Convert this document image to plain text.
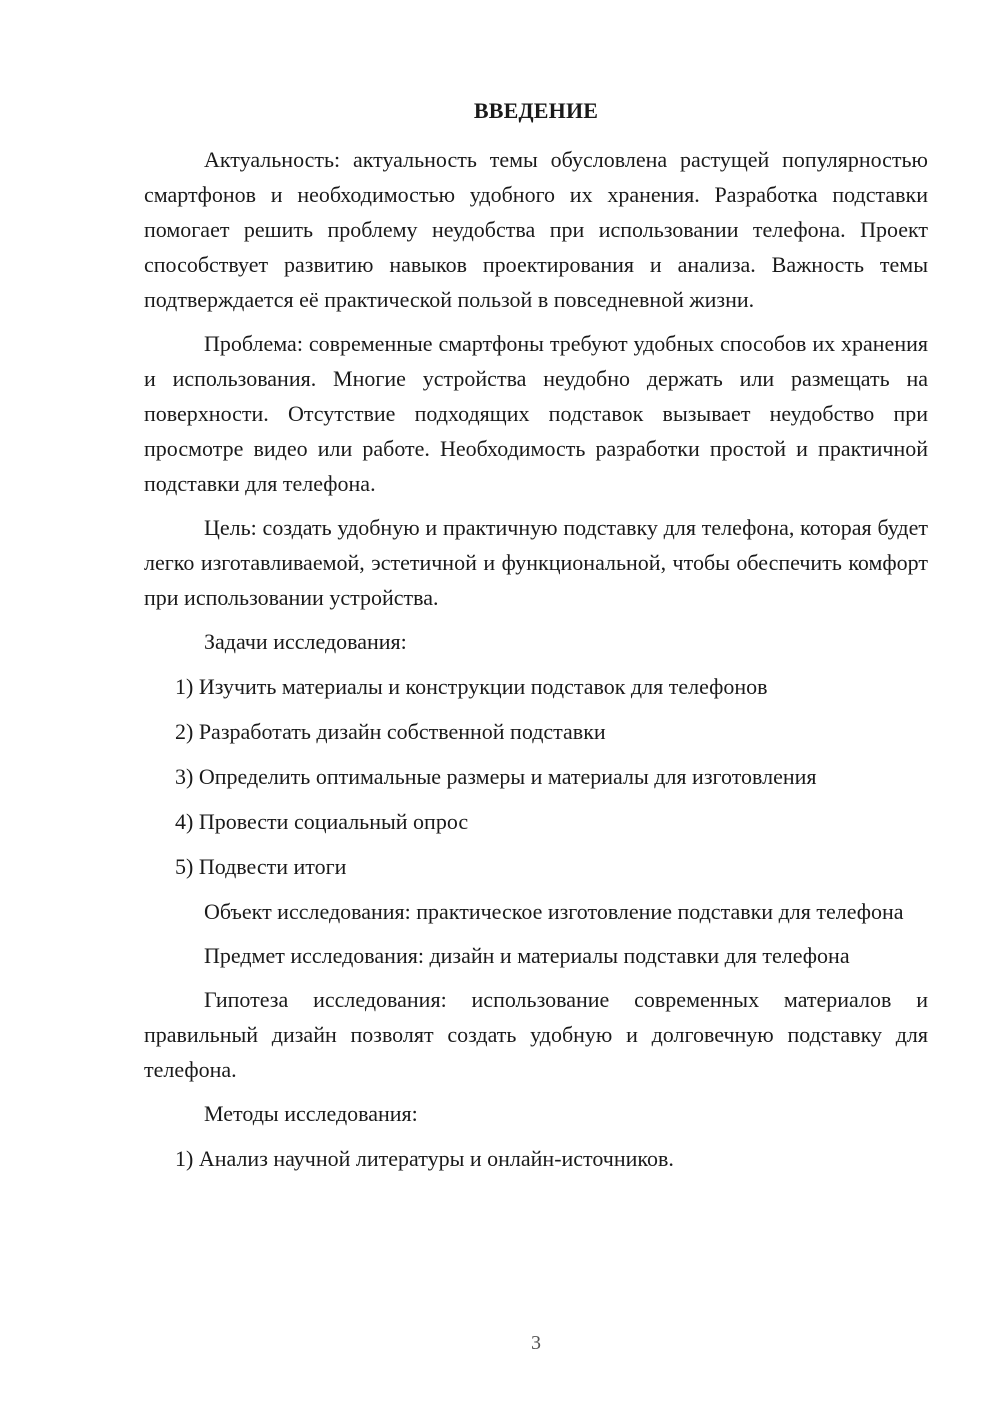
ВВЕДЕНИЕ

Актуальность: актуальность темы обусловлена растущей популярностью смартфонов и необходимостью удобного их хранения. Разработка подставки помогает решить проблему неудобства при использовании телефона. Проект способствует развитию навыков проектирования и анализа. Важность темы подтверждается её практической пользой в повседневной жизни.

Проблема: современные смартфоны требуют удобных способов их хранения и использования. Многие устройства неудобно держать или размещать на поверхности. Отсутствие подходящих подставок вызывает неудобство при просмотре видео или работе. Необходимость разработки простой и практичной подставки для телефона.

Цель: создать удобную и практичную подставку для телефона, которая будет легко изготавливаемой, эстетичной и функциональной, чтобы обеспечить комфорт при использовании устройства.

Задачи исследования:

1) Изучить материалы и конструкции подставок для телефонов
2) Разработать дизайн собственной подставки
3) Определить оптимальные размеры и материалы для изготовления
4) Провести социальный опрос
5) Подвести итоги

Объект исследования: практическое изготовление подставки для телефона

Предмет исследования: дизайн и материалы подставки для телефона

Гипотеза исследования: использование современных материалов и правильный дизайн позволят создать удобную и долговечную подставку для телефона.

Методы исследования:

1) Анализ научной литературы и онлайн-источников.
3
